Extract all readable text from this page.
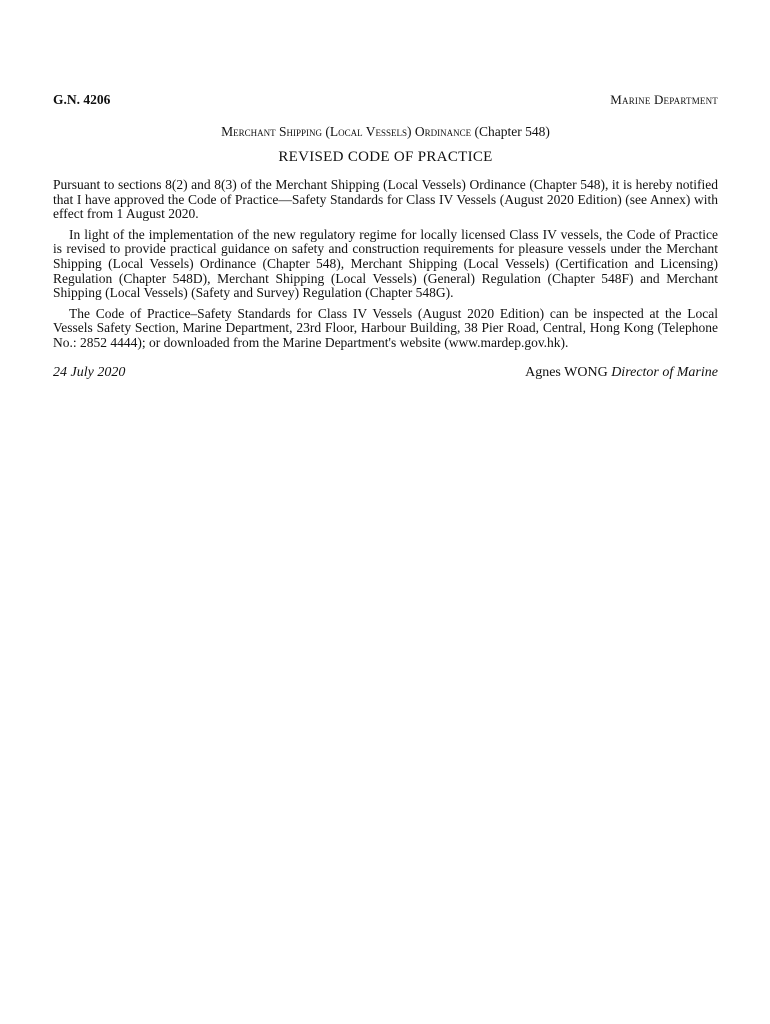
G.N. 4206	Marine Department
Merchant Shipping (Local Vessels) Ordinance (Chapter 548)
REVISED CODE OF PRACTICE

Pursuant to sections 8(2) and 8(3) of the Merchant Shipping (Local Vessels) Ordinance (Chapter 548), it is hereby notified that I have approved the Code of Practice—Safety Standards for Class IV Vessels (August 2020 Edition) (see Annex) with effect from 1 August 2020.

In light of the implementation of the new regulatory regime for locally licensed Class IV vessels, the Code of Practice is revised to provide practical guidance on safety and construction requirements for pleasure vessels under the Merchant Shipping (Local Vessels) Ordinance (Chapter 548), Merchant Shipping (Local Vessels) (Certification and Licensing) Regulation (Chapter 548D), Merchant Shipping (Local Vessels) (General) Regulation (Chapter 548F) and Merchant Shipping (Local Vessels) (Safety and Survey) Regulation (Chapter 548G).

The Code of Practice–Safety Standards for Class IV Vessels (August 2020 Edition) can be inspected at the Local Vessels Safety Section, Marine Department, 23rd Floor, Harbour Building, 38 Pier Road, Central, Hong Kong (Telephone No.: 2852 4444); or downloaded from the Marine Department's website (www.mardep.gov.hk).

24 July 2020	Agnes WONG Director of Marine
